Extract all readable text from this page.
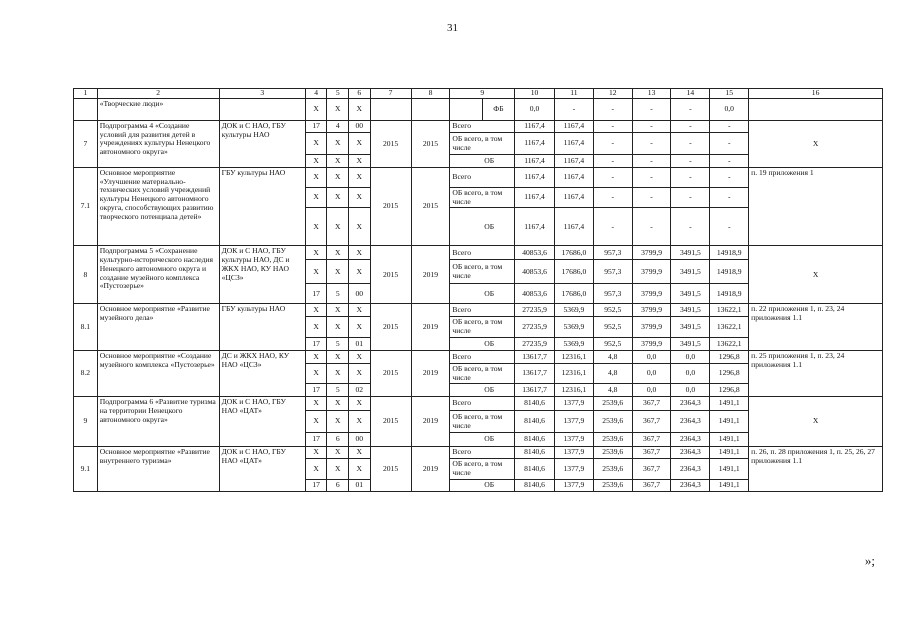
31
1	2	3	4	5	6	7	8	9		10	11	12	13	14	15	16
	«Творческие люди»		X	X	X				ФБ	0,0	-	-	-	-	0,0	
7	Подпрограмма 4 «Создание условий для развития детей в учреждениях культуры Ненецкого автономного округа»	ДОК и С НАО, ГБУ культуры НАО	17	4	00	2015	2015	Всего		1167,4	1167,4	-	-	-	-	X
			X	X	X			ОБ всего, в том числе		1167,4	1167,4	-	-	-	-	
			X	X	X				ОБ	1167,4	1167,4	-	-	-	-	
7.1	Основное мероприятие «Улучшение материально-технических условий учреждений культуры Ненецкого автономного округа, способствующих развитию творческого потенциала детей»	ГБУ культуры НАО	X	X	X	2015	2015	Всего		1167,4	1167,4	-	-	-	-	п. 19 приложения 1
			X	X	X			ОБ всего, в том числе		1167,4	1167,4	-	-	-	-	
			X	X	X				ОБ	1167,4	1167,4	-	-	-	-	
8	Подпрограмма 5 «Сохранение культурно-исторического наследия Ненецкого автономного округа и создание музейного комплекса «Пустозерье»	ДОК и С НАО, ГБУ культуры НАО, ДС и ЖКХ НАО, КУ НАО «ЦСЗ»	X	X	X	2015	2019	Всего		40853,6	17686,0	957,3	3799,9	3491,5	14918,9	X
			X	X	X			ОБ всего, в том числе		40853,6	17686,0	957,3	3799,9	3491,5	14918,9	
			17	5	00				ОБ	40853,6	17686,0	957,3	3799,9	3491,5	14918,9	
8.1	Основное мероприятие «Развитие музейного дела»	ГБУ культуры НАО	X	X	X	2015	2019	Всего		27235,9	5369,9	952,5	3799,9	3491,5	13622,1	п. 22 приложения 1, п. 23, 24 приложения 1.1
			X	X	X			ОБ всего, в том числе		27235,9	5369,9	952,5	3799,9	3491,5	13622,1	
			17	5	01				ОБ	27235,9	5369,9	952,5	3799,9	3491,5	13622,1	
8.2	Основное мероприятие «Создание музейного комплекса «Пустозерье»	ДС и ЖКХ НАО, КУ НАО «ЦСЗ»	X	X	X	2015	2019	Всего		13617,7	12316,1	4,8	0,0	0,0	1296,8	п. 25 приложения 1, п. 23, 24 приложения 1.1
			X	X	X			ОБ всего, в том числе		13617,7	12316,1	4,8	0,0	0,0	1296,8	
			17	5	02				ОБ	13617,7	12316,1	4,8	0,0	0,0	1296,8	
9	Подпрограмма 6 «Развитие туризма на территории Ненецкого автономного округа»	ДОК и С НАО, ГБУ НАО «ЦАТ»	X	X	X	2015	2019	Всего		8140,6	1377,9	2539,6	367,7	2364,3	1491,1	X
			X	X	X			ОБ всего, в том числе		8140,6	1377,9	2539,6	367,7	2364,3	1491,1	
			17	6	00				ОБ	8140,6	1377,9	2539,6	367,7	2364,3	1491,1	
9.1	Основное мероприятие «Развитие внутреннего туризма»	ДОК и С НАО, ГБУ НАО «ЦАТ»	X	X	X	2015	2019	Всего		8140,6	1377,9	2539,6	367,7	2364,3	1491,1	п. 26, п. 28 приложения 1, п. 25, 26, 27 приложения 1.1
			X	X	X			ОБ всего, в том числе		8140,6	1377,9	2539,6	367,7	2364,3	1491,1	
			17	6	01				ОБ	8140,6	1377,9	2539,6	367,7	2364,3	1491,1	
»;
